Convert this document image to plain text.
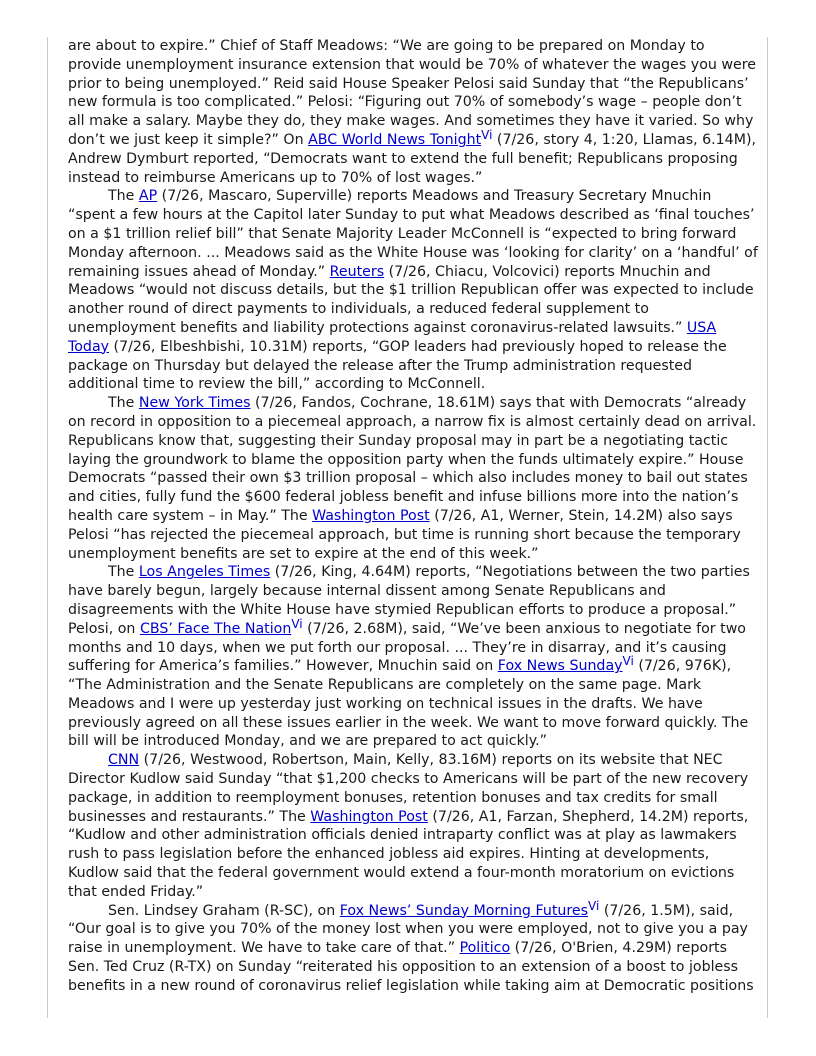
are about to expire.” Chief of Staff Meadows: “We are going to be prepared on Monday to provide unemployment insurance extension that would be 70% of whatever the wages you were prior to being unemployed.” Reid said House Speaker Pelosi said Sunday that “the Republicans’ new formula is too complicated.” Pelosi: “Figuring out 70% of somebody’s wage – people don’t all make a salary. Maybe they do, they make wages. And sometimes they have it varied. So why don’t we just keep it simple?” On ABC World News Tonight$^{Vi}$ (7/26, story 4, 1:20, Llamas, 6.14M), Andrew Dymburt reported, “Democrats want to extend the full benefit; Republicans proposing instead to reimburse Americans up to 70% of lost wages.”

The AP (7/26, Mascaro, Superville) reports Meadows and Treasury Secretary Mnuchin “spent a few hours at the Capitol later Sunday to put what Meadows described as ‘final touches’ on a $1 trillion relief bill” that Senate Majority Leader McConnell is “expected to bring forward Monday afternoon. ... Meadows said as the White House was ‘looking for clarity’ on a ‘handful’ of remaining issues ahead of Monday.” Reuters (7/26, Chiacu, Volcovici) reports Mnuchin and Meadows “would not discuss details, but the $1 trillion Republican offer was expected to include another round of direct payments to individuals, a reduced federal supplement to unemployment benefits and liability protections against coronavirus-related lawsuits.” USA Today (7/26, Elbeshbishi, 10.31M) reports, “GOP leaders had previously hoped to release the package on Thursday but delayed the release after the Trump administration requested additional time to review the bill,” according to McConnell.

The New York Times (7/26, Fandos, Cochrane, 18.61M) says that with Democrats “already on record in opposition to a piecemeal approach, a narrow fix is almost certainly dead on arrival. Republicans know that, suggesting their Sunday proposal may in part be a negotiating tactic laying the groundwork to blame the opposition party when the funds ultimately expire.” House Democrats “passed their own $3 trillion proposal – which also includes money to bail out states and cities, fully fund the $600 federal jobless benefit and infuse billions more into the nation’s health care system – in May.” The Washington Post (7/26, A1, Werner, Stein, 14.2M) also says Pelosi “has rejected the piecemeal approach, but time is running short because the temporary unemployment benefits are set to expire at the end of this week.”

The Los Angeles Times (7/26, King, 4.64M) reports, “Negotiations between the two parties have barely begun, largely because internal dissent among Senate Republicans and disagreements with the White House have stymied Republican efforts to produce a proposal.” Pelosi, on CBS’ Face The Nation$^{Vi}$ (7/26, 2.68M), said, “We’ve been anxious to negotiate for two months and 10 days, when we put forth our proposal. ... They’re in disarray, and it’s causing suffering for America’s families.” However, Mnuchin said on Fox News Sunday$^{Vi}$ (7/26, 976K), “The Administration and the Senate Republicans are completely on the same page. Mark Meadows and I were up yesterday just working on technical issues in the drafts. We have previously agreed on all these issues earlier in the week. We want to move forward quickly. The bill will be introduced Monday, and we are prepared to act quickly.”

CNN (7/26, Westwood, Robertson, Main, Kelly, 83.16M) reports on its website that NEC Director Kudlow said Sunday “that $1,200 checks to Americans will be part of the new recovery package, in addition to reemployment bonuses, retention bonuses and tax credits for small businesses and restaurants.” The Washington Post (7/26, A1, Farzan, Shepherd, 14.2M) reports, “Kudlow and other administration officials denied intraparty conflict was at play as lawmakers rush to pass legislation before the enhanced jobless aid expires. Hinting at developments, Kudlow said that the federal government would extend a four-month moratorium on evictions that ended Friday.”

Sen. Lindsey Graham (R-SC), on Fox News’ Sunday Morning Futures$^{Vi}$ (7/26, 1.5M), said, “Our goal is to give you 70% of the money lost when you were employed, not to give you a pay raise in unemployment. We have to take care of that.” Politico (7/26, O'Brien, 4.29M) reports Sen. Ted Cruz (R-TX) on Sunday “reiterated his opposition to an extension of a boost to jobless benefits in a new round of coronavirus relief legislation while taking aim at Democratic positions
